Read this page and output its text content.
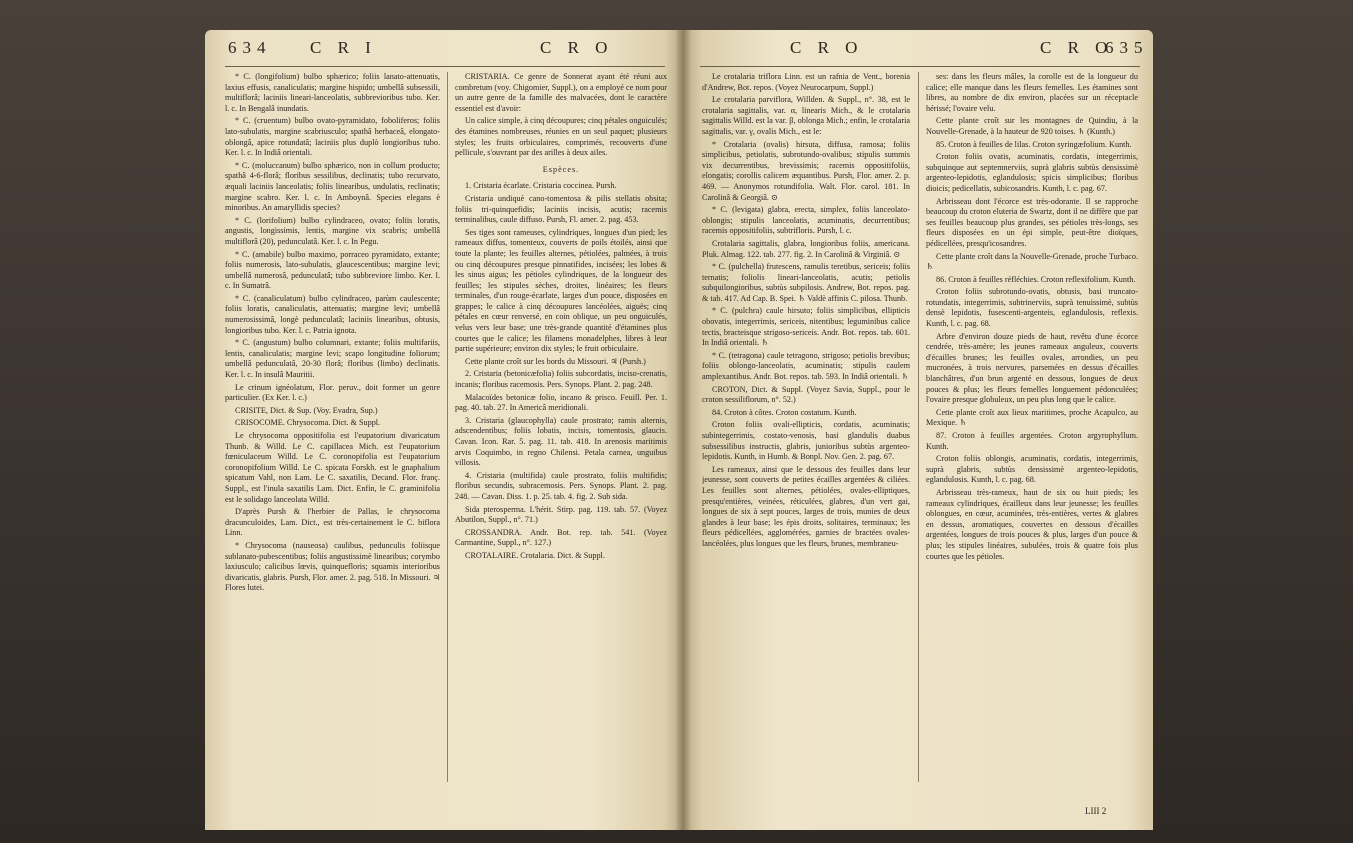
634 C R I	C R O

* C. (longifolium) bulbo sphærico; foliis lanato-attenuatis, laxius effusis, canaliculatis; margine hispido; umbellâ subsessili, multiflorâ; laciniis lineari-lanceolatis, subbrevioribus tubo. Ker. l. c. In Bengalâ inundatis.

* C. (cruentum) bulbo ovato-pyramidato, foboliferos; foliis lato-subulatis, margine scabriusculo; spathâ herbaceâ, elongato-oblongâ, apice rotundatâ; laciniis plus duplò longioribus tubo. Ker. l. c. In Indiâ orientali.

* C. (moluccanum) bulbo sphærico, non in collum producto; spathâ 4-6-florâ; floribus sessilibus, declinatis; tubo recurvato, æquali laciniis lanceolatis; foliis linearibus, undulatis, reclinatis; margine scabro. Ker. l. c. In Amboynâ. Species elegans è minoribus. An amaryllidis species?

* C. (lorifolium) bulbo cylindraceo, ovato; foliis loratis, angustis, longissimis, lentis, margine vix scabris; umbellâ multiflorâ (20), pedunculatâ. Ker. l. c. In Pegu.

* C. (amabile) bulbo maximo, porraceo pyramidato, extante; foliis numerosis, lato-subulatis, glaucescentibus; margine levi; umbellâ numerosâ, pedunculatâ; tubo subbreviore limbo. Ker. l. c. In Sumatrâ.

* C. (canaliculatum) bulbo cylindraceo, parùm caulescente; foliis loratis, canaliculatis, attenuatis; margine levi; umbellâ numerosissimâ, longè pedunculatâ; laciniis linearibus, obtusis, longioribus tubo. Ker. l. c. Patria ignota.

* C. (angustum) bulbo columnari, extante; foliis multifariis, lentis, canaliculatis; margine levi; scapo longitudine foliorum; umbellâ pedunculatâ, 20-30 florâ; floribus (limbo) declinatis. Ker. l. c. In insulâ Mauritii.

Le crinum ignéolatum, Flor. peruv., doit former un genre particulier. (Ex Ker. l. c.)

CRISITE, Dict. & Sup. (Voy. Evadra, Sup.)

CRISOCOME. Chrysocoma. Dict. & Suppl.

Le chrysocoma oppositifolia est l'eupatorium divaricatum Thunb. & Willd. Le C. capillacea Mich. est l'eupatorium fœniculaceum Willd. Le C. coronopifolia est l'eupatorium coronopifolium Willd. Le C. spicata Forskh. est le gnaphalium spicatum Vahl, non Lam. Le C. saxatilis, Decand. Flor. franç. Suppl., est l'inula saxatilis Lam. Dict. Enfin, le C. graminifolia est le solidago lanceolata Willd.

D'après Pursh & l'herbier de Pallas, le chrysocoma dracunculoides, Lam. Dict., est très-certainement le C. biflora Linn.

* Chrysocoma (nauseosa) caulibus, pedunculis foliisque sublanato-pubescentibus; foliis angustissimè linearibus; corymbo laxiusculo; calicibus lœvis, quinquefloris; squamis interioribus divaricatis, glabris. Pursh, Flor. amer. 2. pag. 518. In Missouri. ♃ Flores lutei.

CRISTARIA. Ce genre de Sonnerat ayant été réuni aux combretum (voy. Chigomier, Suppl.), on a employé ce nom pour un autre genre de la famille des malvacées, dont le caractère essentiel est d'avoir:

Un calice simple, à cinq découpures; cinq pétales onguiculés; des étamines nombreuses, réunies en un seul paquet; plusieurs styles; les fruits orbiculaires, comprimés, recouverts d'une pellicule, s'ouvrant par des arilles à deux ailes.

Espèces.

1. Cristaria écarlate. Cristaria coccinea. Pursh.

Cristaria undiquè cano-tomentosa & pilis stellatis obsita; foliis tri-quinquefidis; laciniis incisis, acutis; racemis terminalibus, caule diffuso. Pursh, Fl. amer. 2. pag. 453.

Ses tiges sont rameuses, cylindriques, longues d'un pied; les rameaux diffus, tomenteux, couverts de poils étoilés, ainsi que toute la plante; les feuilles alternes, pétiolées, palmées, à trois ou cinq découpures presque pinnatifides, incisées; les lobes & les sinus aigus; les pétioles cylindriques, de la longueur des feuilles; les stipules sèches, droites, linéaires; les fleurs terminales, d'un rouge-écarlate, larges d'un pouce, disposées en grappes; le calice à cinq découpures lancéolées, aiguës; cinq pétales en cœur renversé, en coin oblique, un peu onguiculés, velus vers leur base; une très-grande quantité d'étamines plus courtes que le calice; les filamens monadelphes, libres à leur partie supérieure; environ dix styles; le fruit orbiculaire.

Cette plante croît sur les bords du Missouri. ♃ (Pursh.)

2. Cristaria (betonicæfolia) foliis subcordatis, inciso-crenatis, incanis; floribus racemosis. Pers. Synops. Plant. 2. pag. 248.

Malacoïdes betonicæ folio, incano & prisco. Feuill. Per. 1. pag. 40. tab. 27. In Americâ meridionali.

3. Cristaria (glaucophylla) caule prostrato; ramis alternis, adscendentibus; foliis lobatis, incisis, tomentosis, glaucis. Cavan. Icon. Rar. 5. pag. 11. tab. 418. In arenosis maritimis arvis Coquimbo, in regno Chilensi. Petala carnea, unguibus villosis.

4. Cristaria (multifida) caule prostrato, foliis multifidis; floribus secundis, subracemosis. Pers. Synops. Plant. 2. pag. 248. — Cavan. Diss. 1. p. 25. tab. 4. fig. 2. Sub sida.

Sida pterosperma. L'hérit. Stirp. pag. 119. tab. 57. (Voyez Abutilon, Suppl., n°. 71.)

CROSSANDRA. Andr. Bot. rep. tab. 541. (Voyez Carmantine, Suppl., n°. 127.)

CROTALAIRE. Crotalaria. Dict. & Suppl.

C R O	C R O
635

Le crotalaria triflora Linn. est un rafnia de Vent., borenia d'Andrew, Bot. repos. (Voyez Neurocarpum, Suppl.)

Le crotalaria parviflora, Willden. & Suppl., n°. 38, est le crotalaria sagittalis, var. α, linearis Mich., & le crotalaria sagittalis Willd. est la var. β, oblonga Mich.; enfin, le crotalaria sagittalis, var. γ, ovalis Mich., est le:

* Crotalaria (ovalis) hirsuta, diffusa, ramosa; foliis simplicibus, petiolatis, subrotundo-ovalibus; stipulis summis vix decurrentibus, brevissimis; racemis oppositifoliis, elongatis; corollis calicem æquantibus. Pursh, Flor. amer. 2. p. 469. — Anonymos rotundifolia. Walt. Flor. carol. 181. In Carolinâ & Georgiâ. ⊙

* C. (levigata) glabra, erecta, simplex, foliis lanceolato-oblongis; stipulis lanceolatis, acuminatis, decurrentibus; racemis oppositifoliis, subtrifloris. Pursh, l. c.

Crotalaria sagittalis, glabra, longioribus foliis, americana. Pluk. Almag. 122. tab. 277. fig. 2. In Carolinâ & Virginiâ. ⊙

* C. (pulchella) frutescens, ramulis teretibus, sericeis; foliis ternatis; foliolis lineari-lanceolatis, acutis; petiolis subquilongioribus, subtùs subpilosis. Andrew, Bot. repos. pag. & tab. 417. Ad Cap. B. Spei. ♄ Valdè affinis C. pilosa. Thunb.

* C. (pulchra) caule hirsuto; foliis simplicibus, ellipticis obovatis, integerrimis, sericeis, nitentibus; leguminibus calice tectis, bracteisque strigoso-sericeis. Andr. Bot. repos. tab. 601. In Indiâ orientali. ♄

* C. (tetragona) caule tetragono, strigoso; petiolis brevibus; foliis oblongo-lanceolatis, acuminatis; stipulis caulem amplexantibus. Andr. Bot. repos. tab. 593. In Indiâ orientali. ♄

CROTON, Dict. & Suppl. (Voyez Savia, Suppl., pour le croton sessiliflorum, n°. 52.)

84. Croton à côtes. Croton costatum. Kunth.

Croton foliis ovali-ellipticis, cordatis, acuminatis; subintegerrimis, costato-venosis, basi glandulis duabus subsessilibus instructis, glabris, junioribus subtùs argenteo-lepidotis. Kunth, in Humb. & Bonpl. Nov. Gen. 2. pag. 67.

Les rameaux, ainsi que le dessous des feuilles dans leur jeunesse, sont couverts de petites écailles argentées & ciliées. Les feuilles sont alternes, pétiolées, ovales-elliptiques, presqu'entières, veinées, réticulées, glabres, d'un vert gai, longues de six à sept pouces, larges de trois, munies de deux glandes à leur base; les épis droits, solitaires, terminaux; les fleurs pédicellées, agglomérées, garnies de bractées ovales-lancéolées, plus longues que les fleurs, brunes, membraneu-

ses: dans les fleurs mâles, la corolle est de la longueur du calice; elle manque dans les fleurs femelles. Les étamines sont libres, au nombre de dix environ, placées sur un réceptacle hérissé; l'ovaire velu.

Cette plante croît sur les montagnes de Quindiu, à la Nouvelle-Grenade, à la hauteur de 920 toises. ♄ (Kunth.)

85. Croton à feuilles de lilas. Croton syringæfolium. Kunth.

Croton foliis ovatis, acuminatis, cordatis, integerrimis, subquinque aut septemnerviis, suprà glabris subtùs densissimè argenteo-lepidotis, eglandulosis; spicis simplicibus; floribus dioicis; pedicellatis, subicosandris. Kunth, l. c. pag. 67.

Arbrisseau dont l'écorce est très-odorante. Il se rapproche beaucoup du croton eluteria de Swartz, dont il ne diffère que par ses feuilles beaucoup plus grandes, ses pétioles très-longs, ses fleurs disposées en un épi simple, peut-être dioïques, pédicellées, presqu'icosandres.

Cette plante croît dans la Nouvelle-Grenade, proche Turbaco. ♄

86. Croton à feuilles réfléchies. Croton reflexifolium. Kunth.

Croton foliis subrotundo-ovatis, obtusis, basi truncato-rotundatis, integerrimis, subtrinerviis, suprà tenuissimè, subtùs densè lepidotis, fusescenti-argenteis, eglandulosis, reflexis. Kunth, l. c. pag. 68.

Arbre d'environ douze pieds de haut, revêtu d'une écorce cendrée, très-amère; les jeunes rameaux anguleux, couverts d'écailles brunes; les feuilles ovales, arrondies, un peu mucronées, à trois nervures, parsemées en dessus d'écailles blanchâtres, d'un brun argenté en dessous, longues de deux pouces & plus; les fleurs femelles longuement pédonculées; l'ovaire presque globuleux, un peu plus long que le calice.

Cette plante croît aux lieux maritimes, proche Acapulco, au Mexique. ♄

87. Croton à feuilles argentées. Croton argyrophyllum. Kunth.

Croton foliis oblongis, acuminatis, cordatis, integerrimis, suprà glabris, subtùs densissimè argenteo-lepidotis, eglandulosis. Kunth, l. c. pag. 68.

Arbrisseau très-rameux, haut de six ou huit pieds; les rameaux cylindriques, écailleux dans leur jeunesse; les feuilles oblongues, en cœur, acuminées, très-entières, vertes & glabres en dessus, aromatiques, couvertes en dessous d'écailles argentées, longues de trois pouces & plus, larges d'un pouce & plus; les stipules linéaires, subulées, trois & quatre fois plus courtes que les pétioles.

LIII 2
